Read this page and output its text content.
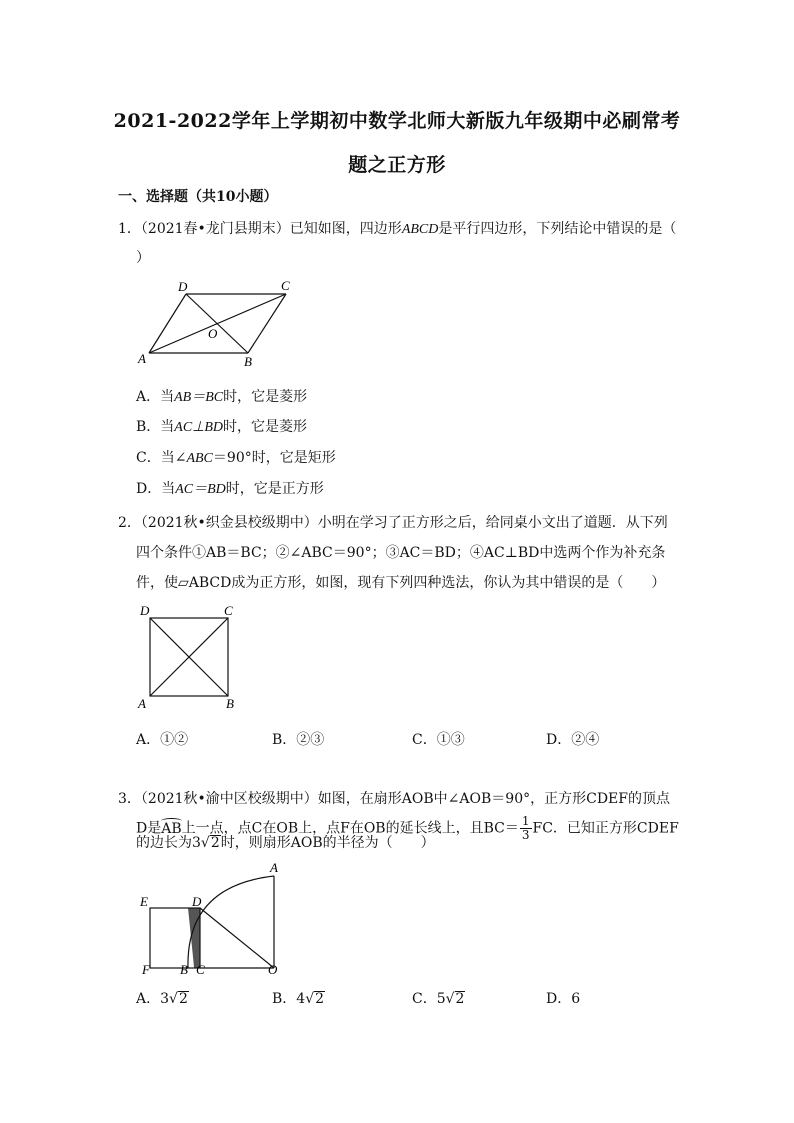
2021-2022学年上学期初中数学北师大新版九年级期中必刷常考
题之正方形
一、选择题（共10小题）
1．（2021春•龙门县期末）已知如图，四边形ABCD是平行四边形，下列结论中错误的是（
）
D	C
O
A	B
A．当AB＝BC时，它是菱形
B．当AC⊥BD时，它是菱形
C．当∠ABC＝90°时，它是矩形
D．当AC＝BD时，它是正方形
2．（2021秋•织金县校级期中）小明在学习了正方形之后，给同桌小文出了道题．从下列
四个条件①AB＝BC；②∠ABC＝90°；③AC＝BD；④AC⊥BD中选两个作为补充条
件，使▱ABCD成为正方形，如图，现有下列四种选法，你认为其中错误的是（　　）
D	C
A	B
A．①②	B．②③	C．①③	D．②④
3．（2021秋•渝中区校级期中）如图，在扇形AOB中∠AOB＝90°，正方形CDEF的顶点
D是AB上一点，点C在OB上，点F在OB的延长线上，且$BC= \frac{1}{3}$ FC．已知正方形CDEF
的边长为3√2时，则扇形AOB的半径为（　　）
A
E	D
F B C	O
A．3√2	B．4√2	C．5√2	D．6
